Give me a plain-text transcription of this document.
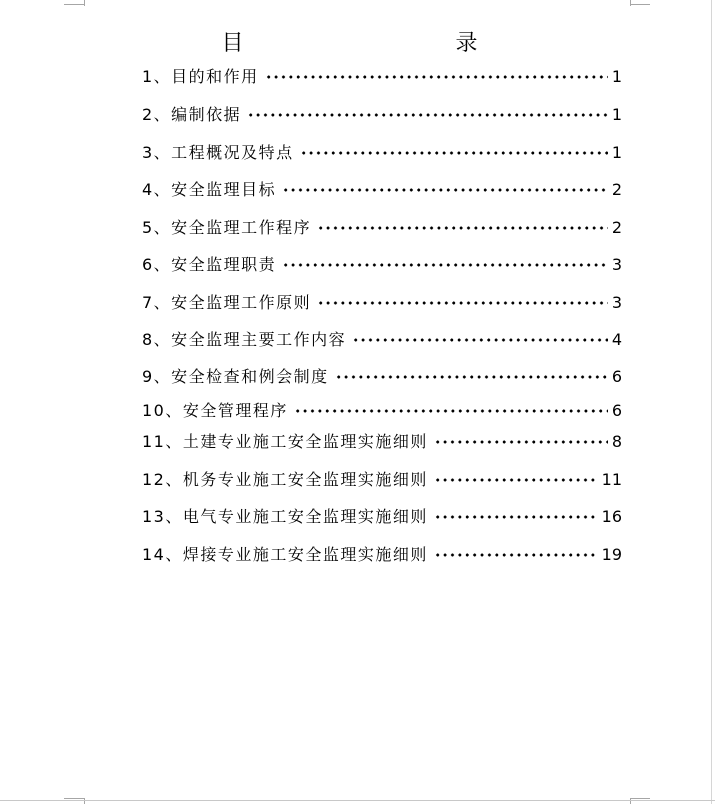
目　　录
1、目的和作用	1
2、编制依据	1
3、工程概况及特点	1
4、安全监理目标	2
5、安全监理工作程序	2
6、安全监理职责	3
7、安全监理工作原则	3
8、安全监理主要工作内容	4
9、安全检查和例会制度	6
10、安全管理程序	6
11、土建专业施工安全监理实施细则	8
12、机务专业施工安全监理实施细则	11
13、电气专业施工安全监理实施细则	16
14、焊接专业施工安全监理实施细则	19
